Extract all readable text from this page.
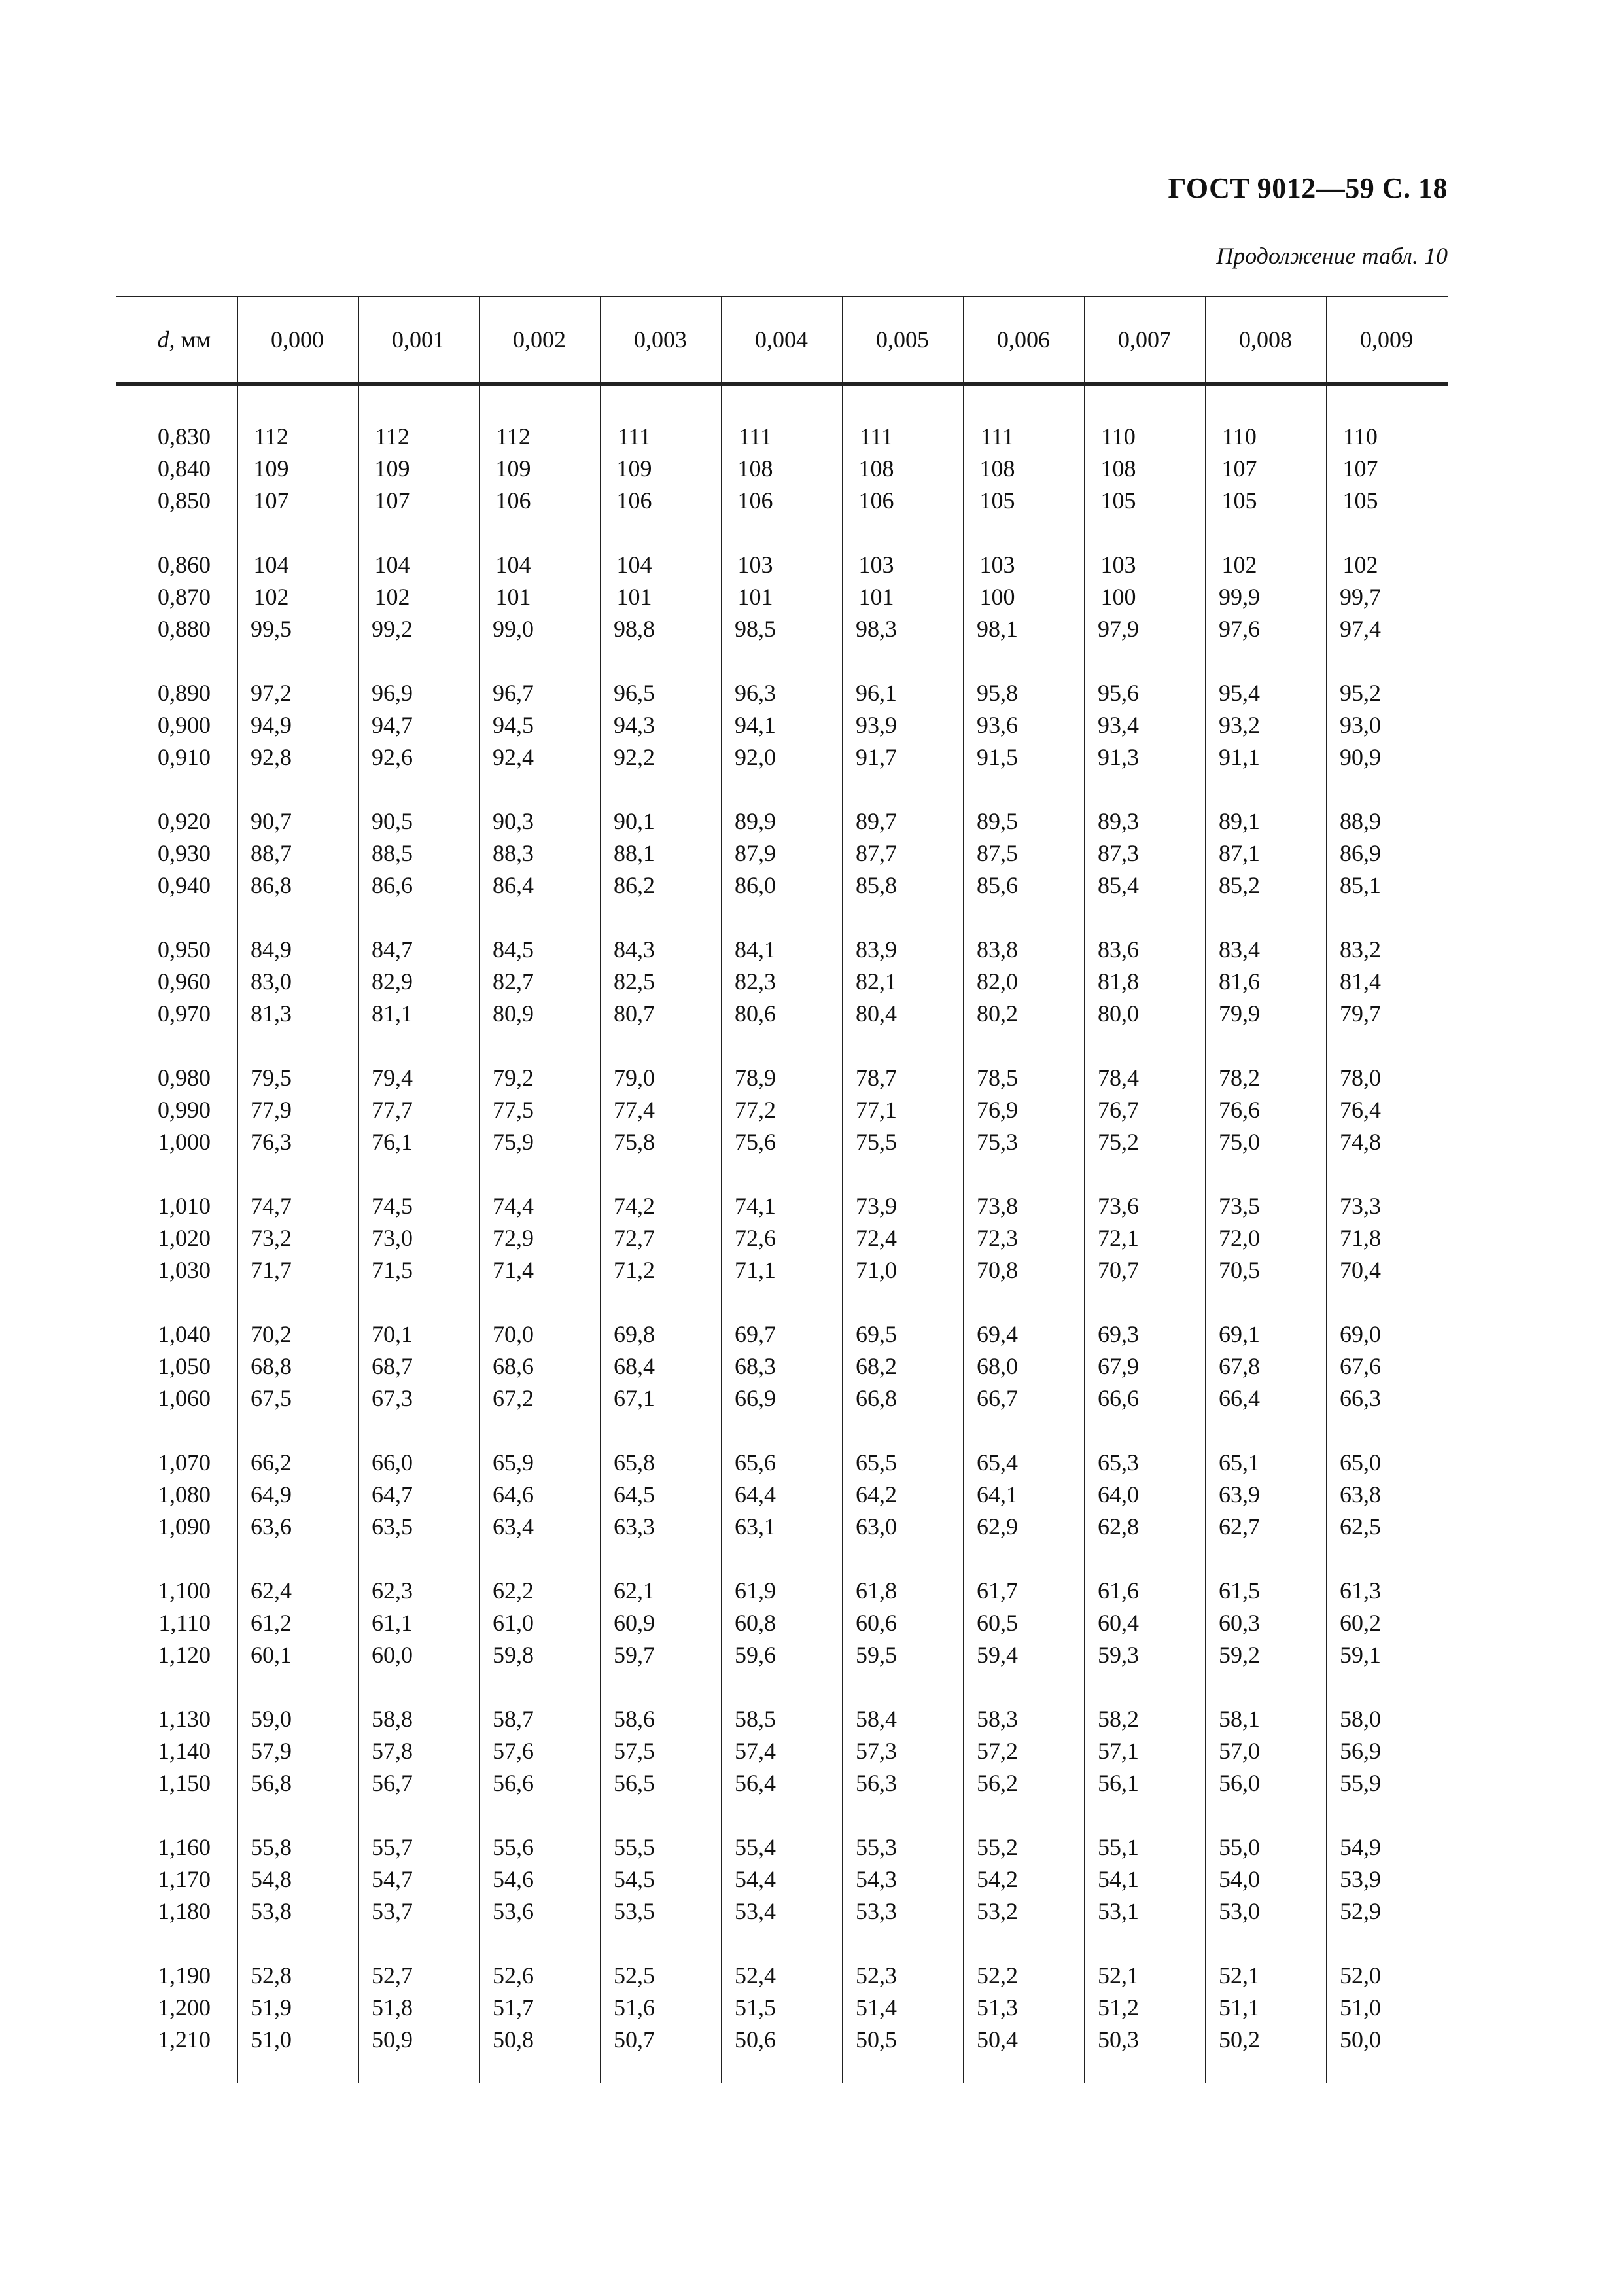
ГОСТ 9012—59 С. 18
Продолжение табл. 10
d, мм	0,000	0,001	0,002	0,003	0,004	0,005	0,006	0,007	0,008	0,009
0,830	112	112	112	111	111	111	111	110	110	110
0,840	109	109	109	109	108	108	108	108	107	107
0,850	107	107	106	106	106	106	105	105	105	105
0,860	104	104	104	104	103	103	103	103	102	102
0,870	102	102	101	101	101	101	100	100	99,9	99,7
0,880	99,5	99,2	99,0	98,8	98,5	98,3	98,1	97,9	97,6	97,4
0,890	97,2	96,9	96,7	96,5	96,3	96,1	95,8	95,6	95,4	95,2
0,900	94,9	94,7	94,5	94,3	94,1	93,9	93,6	93,4	93,2	93,0
0,910	92,8	92,6	92,4	92,2	92,0	91,7	91,5	91,3	91,1	90,9
0,920	90,7	90,5	90,3	90,1	89,9	89,7	89,5	89,3	89,1	88,9
0,930	88,7	88,5	88,3	88,1	87,9	87,7	87,5	87,3	87,1	86,9
0,940	86,8	86,6	86,4	86,2	86,0	85,8	85,6	85,4	85,2	85,1
0,950	84,9	84,7	84,5	84,3	84,1	83,9	83,8	83,6	83,4	83,2
0,960	83,0	82,9	82,7	82,5	82,3	82,1	82,0	81,8	81,6	81,4
0,970	81,3	81,1	80,9	80,7	80,6	80,4	80,2	80,0	79,9	79,7
0,980	79,5	79,4	79,2	79,0	78,9	78,7	78,5	78,4	78,2	78,0
0,990	77,9	77,7	77,5	77,4	77,2	77,1	76,9	76,7	76,6	76,4
1,000	76,3	76,1	75,9	75,8	75,6	75,5	75,3	75,2	75,0	74,8
1,010	74,7	74,5	74,4	74,2	74,1	73,9	73,8	73,6	73,5	73,3
1,020	73,2	73,0	72,9	72,7	72,6	72,4	72,3	72,1	72,0	71,8
1,030	71,7	71,5	71,4	71,2	71,1	71,0	70,8	70,7	70,5	70,4
1,040	70,2	70,1	70,0	69,8	69,7	69,5	69,4	69,3	69,1	69,0
1,050	68,8	68,7	68,6	68,4	68,3	68,2	68,0	67,9	67,8	67,6
1,060	67,5	67,3	67,2	67,1	66,9	66,8	66,7	66,6	66,4	66,3
1,070	66,2	66,0	65,9	65,8	65,6	65,5	65,4	65,3	65,1	65,0
1,080	64,9	64,7	64,6	64,5	64,4	64,2	64,1	64,0	63,9	63,8
1,090	63,6	63,5	63,4	63,3	63,1	63,0	62,9	62,8	62,7	62,5
1,100	62,4	62,3	62,2	62,1	61,9	61,8	61,7	61,6	61,5	61,3
1,110	61,2	61,1	61,0	60,9	60,8	60,6	60,5	60,4	60,3	60,2
1,120	60,1	60,0	59,8	59,7	59,6	59,5	59,4	59,3	59,2	59,1
1,130	59,0	58,8	58,7	58,6	58,5	58,4	58,3	58,2	58,1	58,0
1,140	57,9	57,8	57,6	57,5	57,4	57,3	57,2	57,1	57,0	56,9
1,150	56,8	56,7	56,6	56,5	56,4	56,3	56,2	56,1	56,0	55,9
1,160	55,8	55,7	55,6	55,5	55,4	55,3	55,2	55,1	55,0	54,9
1,170	54,8	54,7	54,6	54,5	54,4	54,3	54,2	54,1	54,0	53,9
1,180	53,8	53,7	53,6	53,5	53,4	53,3	53,2	53,1	53,0	52,9
1,190	52,8	52,7	52,6	52,5	52,4	52,3	52,2	52,1	52,1	52,0
1,200	51,9	51,8	51,7	51,6	51,5	51,4	51,3	51,2	51,1	51,0
1,210	51,0	50,9	50,8	50,7	50,6	50,5	50,4	50,3	50,2	50,0
